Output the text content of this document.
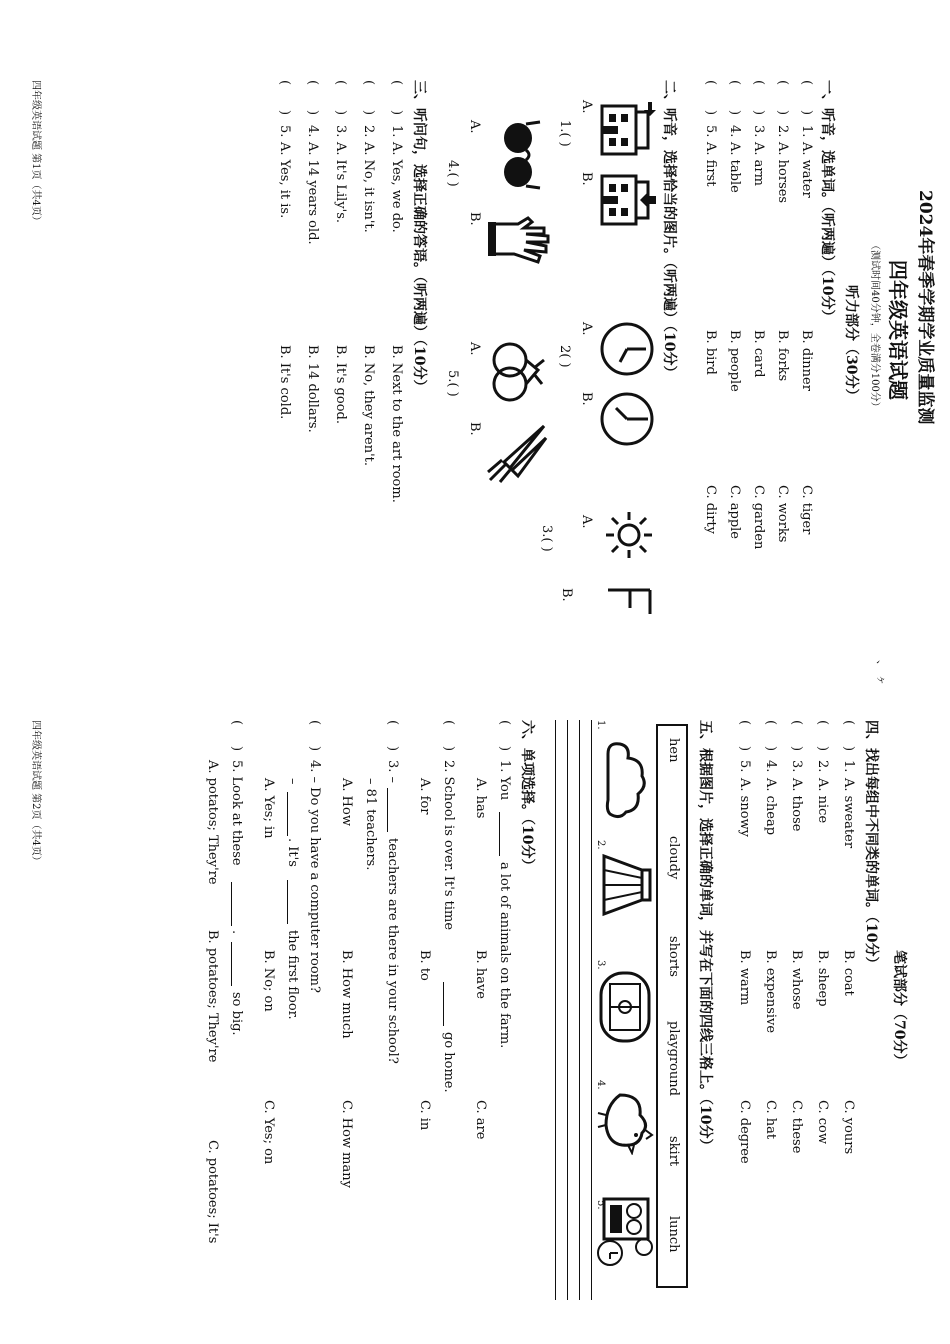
2024年春季学期学业质量监测
四年级英语试题
（测试时间40分钟，全卷满分100分）
听力部分（30分）
一、听音，选单词。（听两遍）（10分）
(
)
1.
A. water
B. dinner
C. tiger
(
)
2.
A. horses
B. forks
C. works
(
)
3.
A. arm
B. card
C. garden
(
)
4.
A. table
B. people
C. apple
(
)
5.
A. first
B. bird
C. dirty
二、听音，选择恰当的图片。（听两遍）（10分）
A.
B.
1.( )
A.
B.
2( )
A.
B.
3.( )
A.
B.
4.( )
A.
B.
5.( )
三、听问句，选择正确的答语。（听两遍）（10分）
(
)
1.
A. Yes, we do.
B. Next to the art room.
(
)
2.
A. No, it isn't.
B. No, they aren't.
(
)
3.
A. It's Lily's.
B. It's good.
(
)
4.
A. 14 years old.
B. 14 dollars.
(
)
5.
A. Yes, it is.
B. It's cold.
四年级英语试题 第1页（共4页）
、 ヶ
笔试部分（70分）
四、找出每组中不同类的单词。（10分）
(
)
1.
A. sweater
B. coat
C. yours
(
)
2.
A. nice
B. sheep
C. cow
(
)
3.
A. those
B. whose
C. these
(
)
4.
A. cheap
B. expensive
C. hat
(
)
5.
A. snowy
B. warm
C. degree
五、根据图片，选择正确的单词，并写在下面的四线三格上。（10分）
hen
cloudy
shorts
playground
skirt
lunch
1.
2.
3.
4.
5.
六、单项选择。（10分）
(
)
1. You
a lot of animals on the farm.
A. has
B. have
C. are
(
)
2. School is over. It's time
go home.
A. for
B. to
C. in
(
)
3. –
teachers are there in your school?
– 81 teachers.
A. How
B. How much
C. How many
(
)
4. – Do you have a computer room?
–
. It's
the first floor.
A. Yes; in
B. No; on
C. Yes; on
(
)
5. Look at these
.
so big.
A. potatos; They're
B. potatoes; They're
C. potatoes; It's
四年级英语试题 第2页（共4页）
